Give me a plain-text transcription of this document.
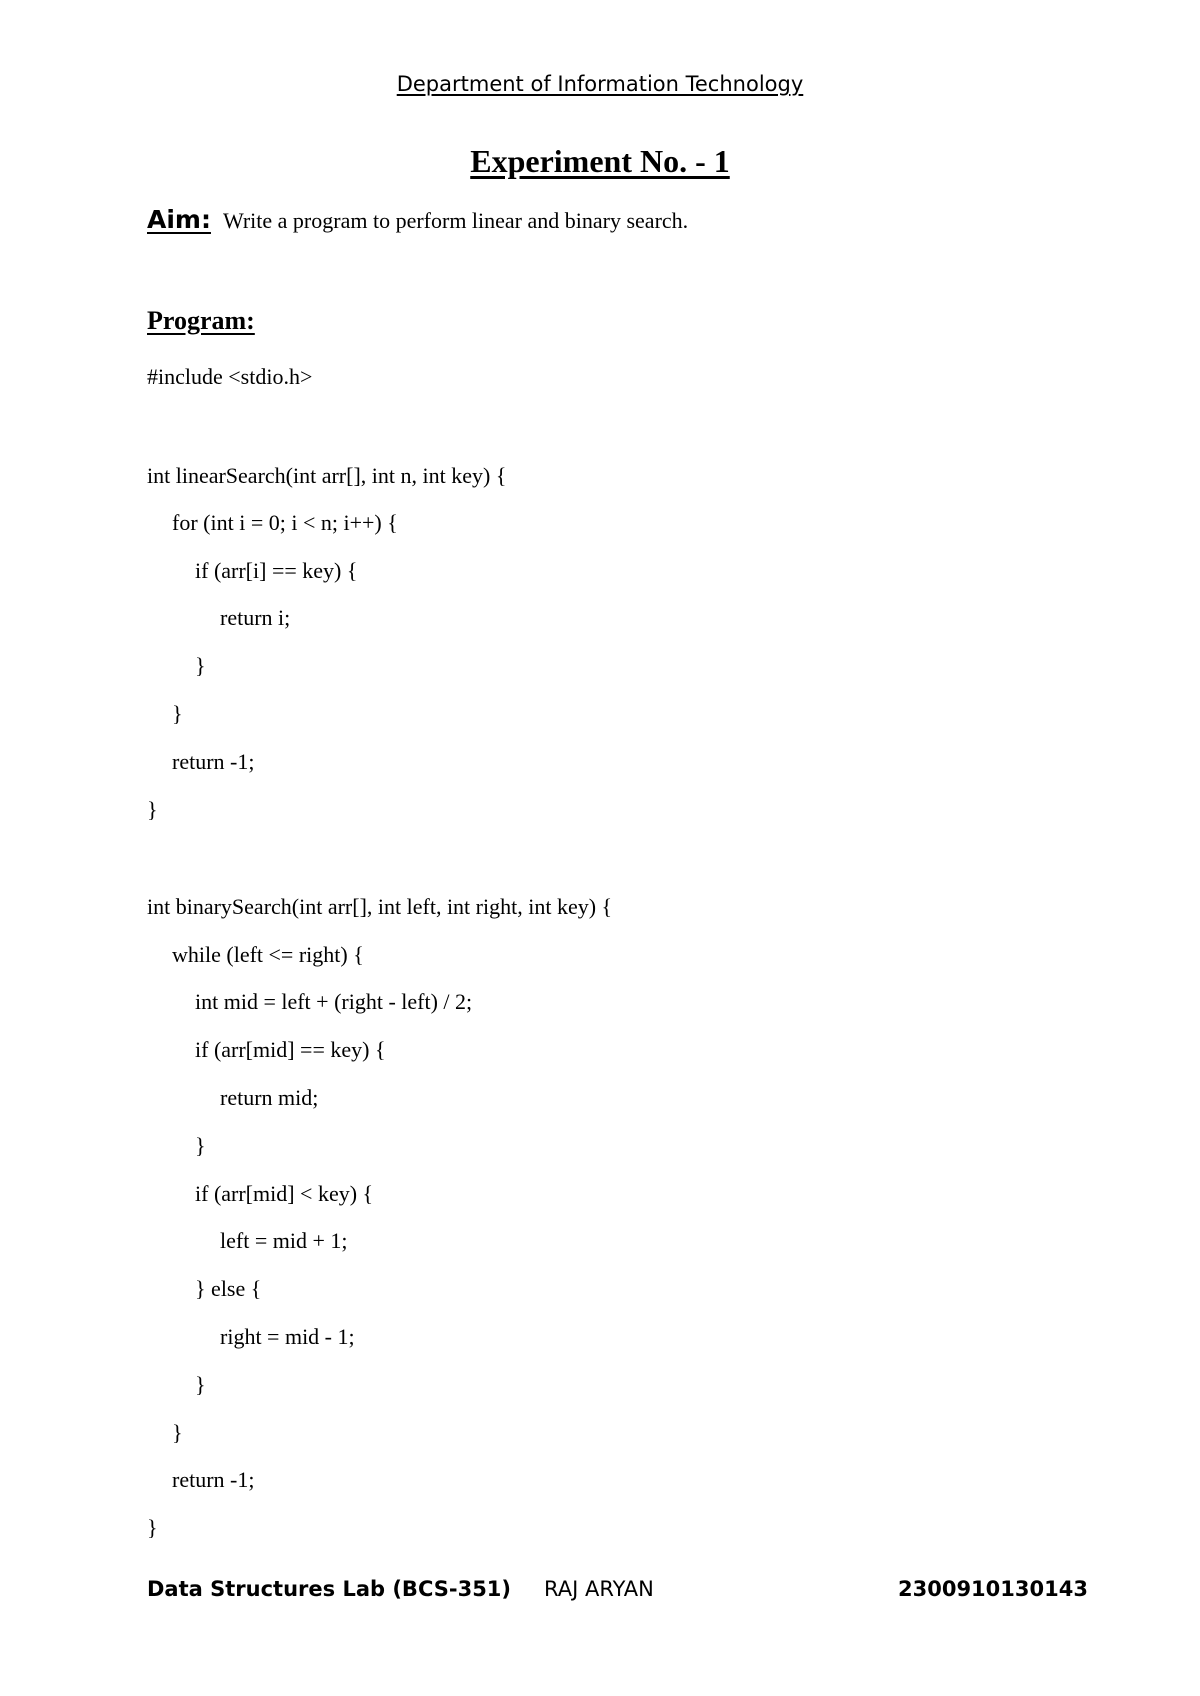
Department of Information Technology
Experiment No. - 1
Aim: Write a program to perform linear and binary search.
Program:
#include <stdio.h>
int linearSearch(int arr[], int n, int key) {
for (int i = 0; i < n; i++) {
if (arr[i] == key) {
return i;
}
}
return -1;
}
int binarySearch(int arr[], int left, int right, int key) {
while (left <= right) {
int mid = left + (right - left) / 2;
if (arr[mid] == key) {
return mid;
}
if (arr[mid] < key) {
left = mid + 1;
} else {
right = mid - 1;
}
}
return -1;
}
Data Structures Lab (BCS-351) RAJ ARYAN	2300910130143
